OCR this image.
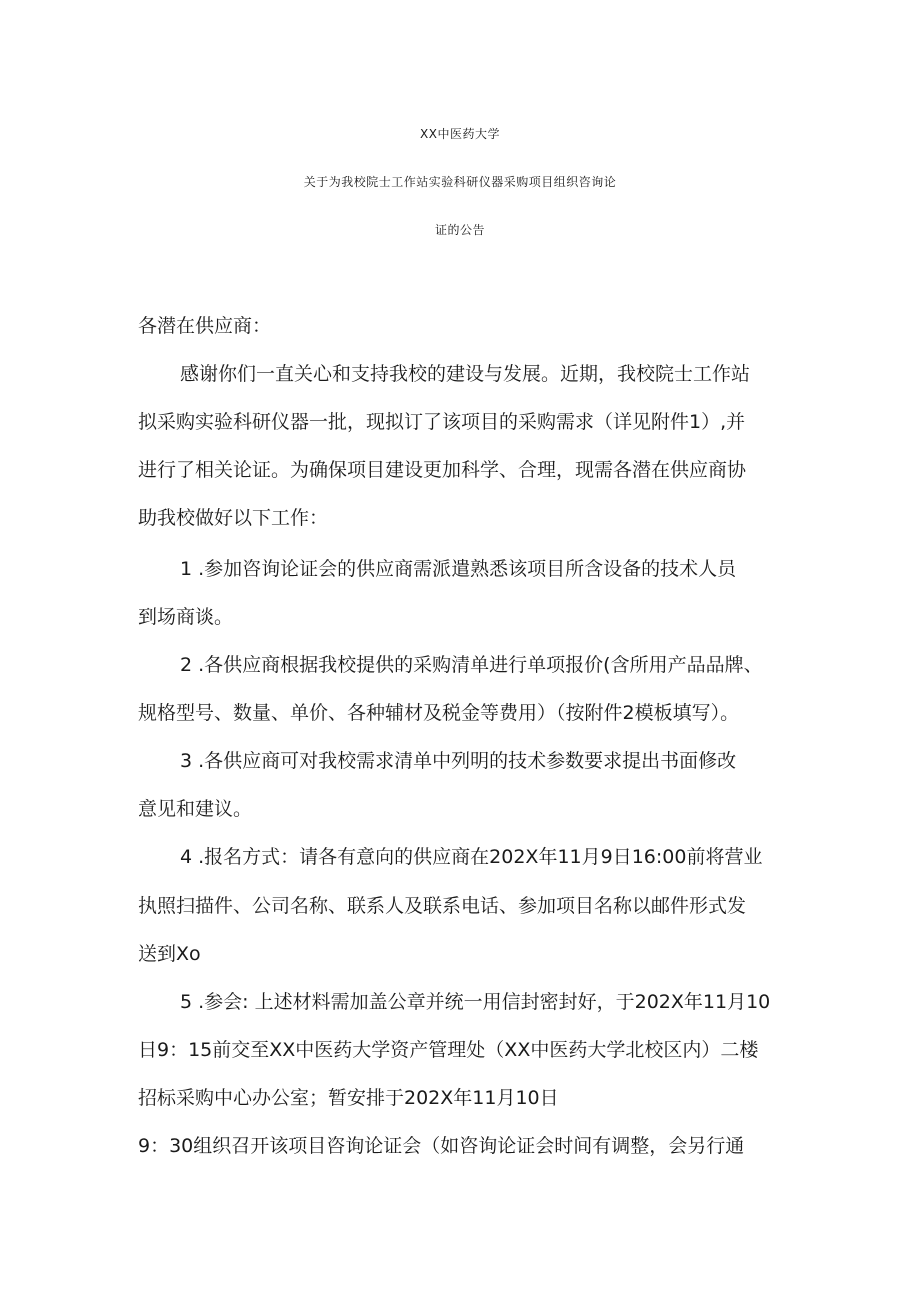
XX中医药大学
关于为我校院士工作站实验科研仪器采购项目组织咨询论
证的公告
各潜在供应商：
感谢你们一直关心和支持我校的建设与发展。近期，我校院士工作站
拟采购实验科研仪器一批，现拟订了该项目的采购需求（详见附件1）,并
进行了相关论证。为确保项目建设更加科学、合理，现需各潜在供应商协
助我校做好以下工作：
1 .参加咨询论证会的供应商需派遣熟悉该项目所含设备的技术人员
到场商谈。
2 .各供应商根据我校提供的采购清单进行单项报价(含所用产品品牌、
规格型号、数量、单价、各种辅材及税金等费用）（按附件2模板填写）。
3 .各供应商可对我校需求清单中列明的技术参数要求提出书面修改
意见和建议。
4 .报名方式：请各有意向的供应商在202X年11月9日16:00前将营业
执照扫描件、公司名称、联系人及联系电话、参加项目名称以邮件形式发
送到Xo
5 .参会: 上述材料需加盖公章并统一用信封密封好，于202X年11月10
日9：15前交至XX中医药大学资产管理处（XX中医药大学北校区内）二楼
招标采购中心办公室；暂安排于202X年11月10日
9：30组织召开该项目咨询论证会（如咨询论证会时间有调整，会另行通
